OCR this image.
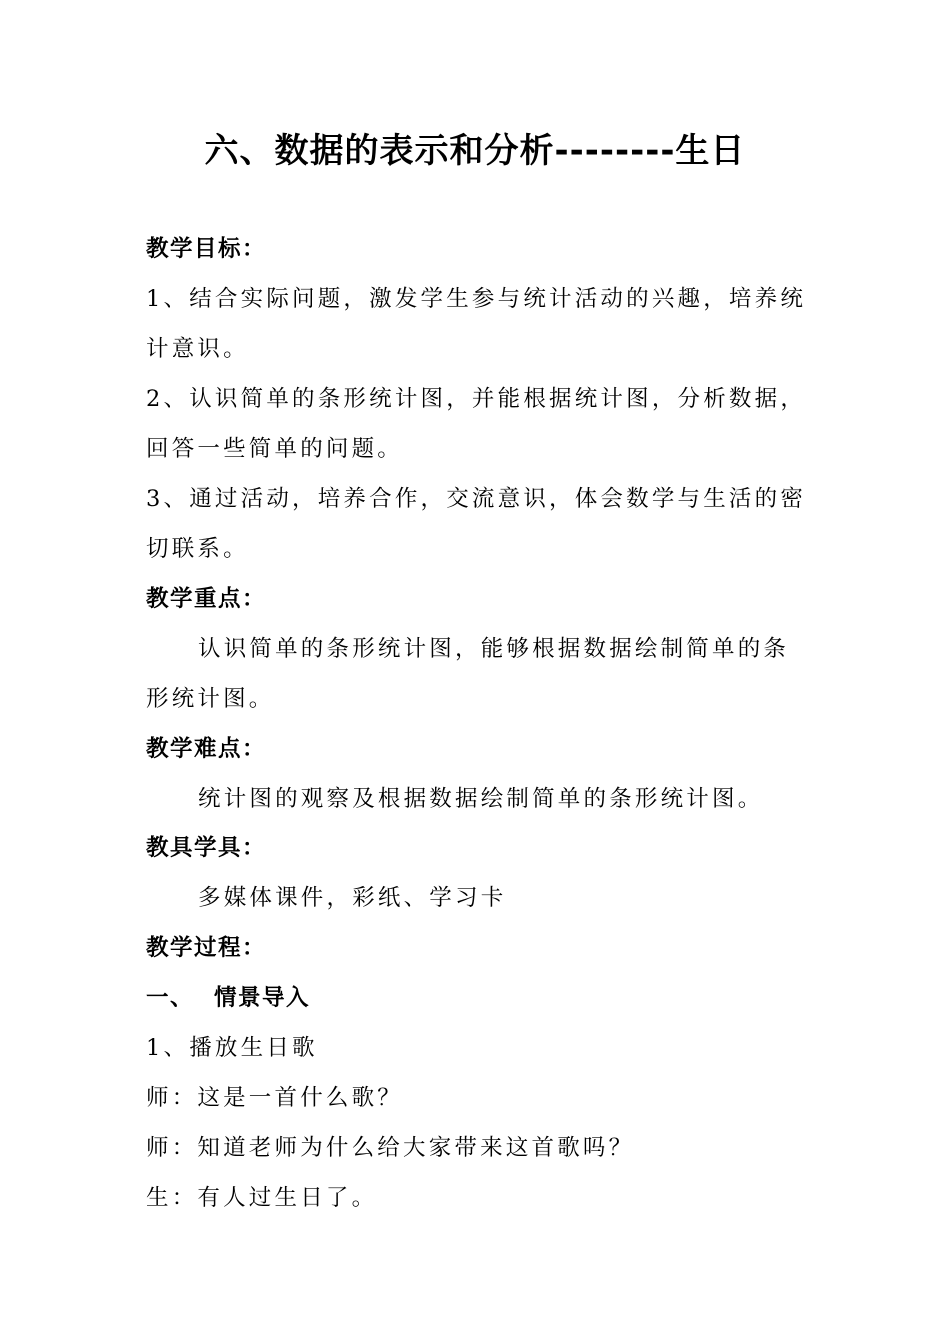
六、数据的表示和分析--------生日
教学目标：
1、结合实际问题，激发学生参与统计活动的兴趣，培养统
计意识。
2、认识简单的条形统计图，并能根据统计图，分析数据，
回答一些简单的问题。
3、通过活动，培养合作，交流意识，体会数学与生活的密
切联系。
教学重点：
认识简单的条形统计图，能够根据数据绘制简单的条
形统计图。
教学难点：
统计图的观察及根据数据绘制简单的条形统计图。
教具学具：
多媒体课件，彩纸、学习卡
教学过程：
一、 情景导入
1、播放生日歌
师：这是一首什么歌？
师：知道老师为什么给大家带来这首歌吗？
生：有人过生日了。
